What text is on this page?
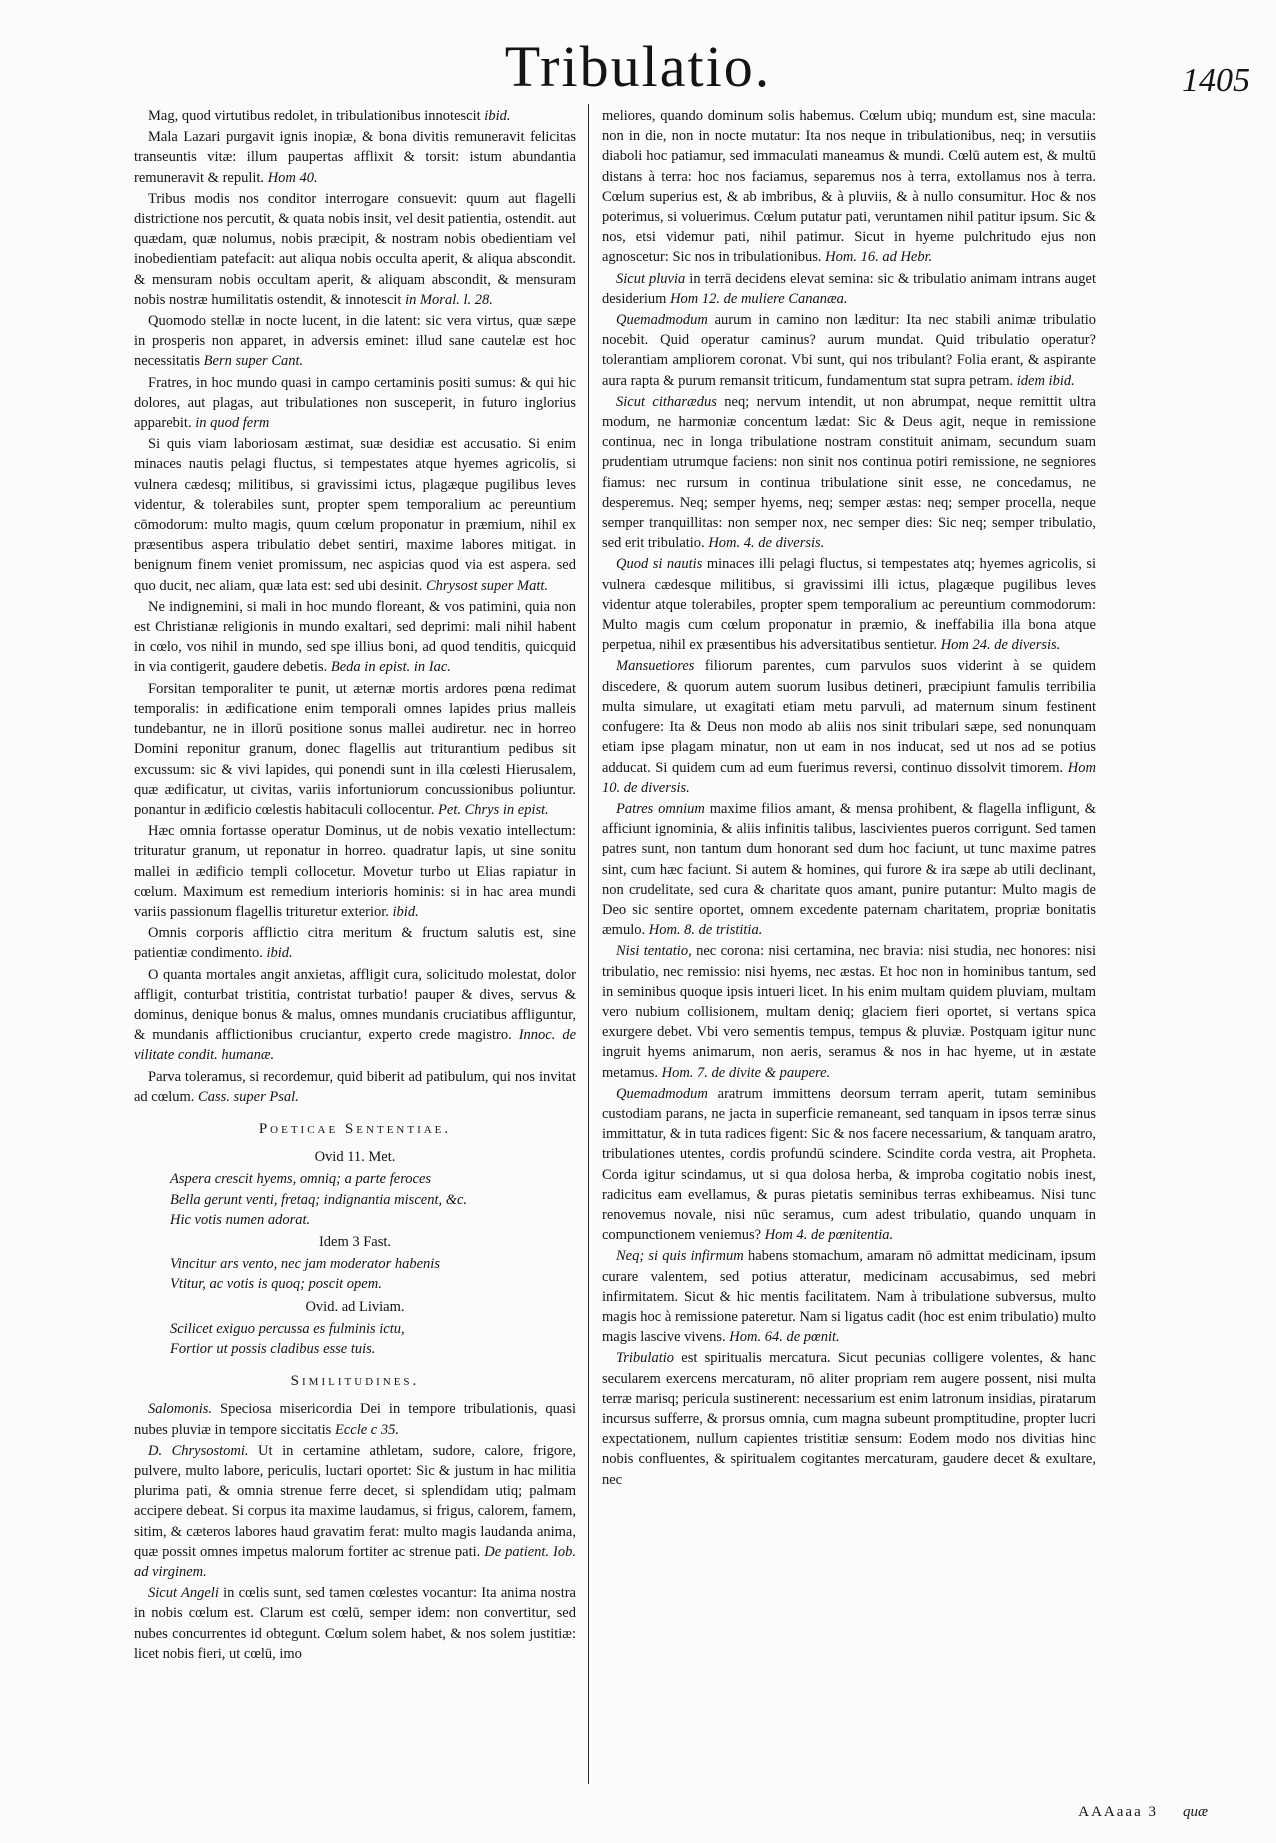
Tribulatio.	1405

Mag, quod virtutibus redolet, in tribulationibus innotescit ibid.

Mala Lazari purgavit ignis inopiæ, & bona divitis remuneravit felicitas transeuntis vitæ: illum paupertas afflixit & torsit: istum abundantia remuneravit & repulit. Hom 40.

Tribus modis nos conditor interrogare consuevit: quum aut flagelli districtione nos percutit, & quata nobis insit, vel desit patientia, ostendit. aut quædam, quæ nolumus, nobis præcipit, & nostram nobis obedientiam vel inobedientiam patefacit: aut aliqua nobis occulta aperit, & aliqua abscondit. & mensuram nobis occultam aperit, & aliquam abscondit, & mensuram nobis nostræ humilitatis ostendit, & innotescit in Moral. l. 28.

Quomodo stellæ in nocte lucent, in die latent: sic vera virtus, quæ sæpe in prosperis non apparet, in adversis eminet: illud sane cautelæ est hoc necessitatis Bern super Cant.

Fratres, in hoc mundo quasi in campo certaminis positi sumus: & qui hic dolores, aut plagas, aut tribulationes non susceperit, in futuro inglorius apparebit. in quod ferm

Si quis viam laboriosam æstimat, suæ desidiæ est accusatio. Si enim minaces nautis pelagi fluctus, si tempestates atque hyemes agricolis, si vulnera cædesq; militibus, si gravissimi ictus, plagæque pugilibus leves videntur, & tolerabiles sunt, propter spem temporalium ac pereuntium cōmodorum: multo magis, quum cœlum proponatur in præmium, nihil ex præsentibus aspera tribulatio debet sentiri, maxime labores mitigat. in benignum finem veniet promissum, nec aspicias quod via est aspera. sed quo ducit, nec aliam, quæ lata est: sed ubi desinit. Chrysost super Matt.

Ne indignemini, si mali in hoc mundo floreant, & vos patimini, quia non est Christianæ religionis in mundo exaltari, sed deprimi: mali nihil habent in cœlo, vos nihil in mundo, sed spe illius boni, ad quod tenditis, quicquid in via contigerit, gaudere debetis. Beda in epist. in Iac.

Forsitan temporaliter te punit, ut æternæ mortis ardores pœna redimat temporalis: in ædificatione enim temporali omnes lapides prius malleis tundebantur, ne in illorū positione sonus mallei audiretur. nec in horreo Domini reponitur granum, donec flagellis aut triturantium pedibus sit excussum: sic & vivi lapides, qui ponendi sunt in illa cœlesti Hierusalem, quæ ædificatur, ut civitas, variis infortuniorum concussionibus poliuntur. ponantur in ædificio cœlestis habitaculi collocentur. Pet. Chrys in epist.

Hæc omnia fortasse operatur Dominus, ut de nobis vexatio intellectum: trituratur granum, ut reponatur in horreo. quadratur lapis, ut sine sonitu mallei in ædificio templi collocetur. Movetur turbo ut Elias rapiatur in cœlum. Maximum est remedium interioris hominis: si in hac area mundi variis passionum flagellis trituretur exterior. ibid.

Omnis corporis afflictio citra meritum & fructum salutis est, sine patientiæ condimento. ibid.

O quanta mortales angit anxietas, affligit cura, solicitudo molestat, dolor affligit, conturbat tristitia, contristat turbatio! pauper & dives, servus & dominus, denique bonus & malus, omnes mundanis cruciatibus affliguntur, & mundanis afflictionibus cruciantur, experto crede magistro. Innoc. de vilitate condit. humanæ.

Parva toleramus, si recordemur, quid biberit ad patibulum, qui nos invitat ad cœlum. Cass. super Psal.

Poeticae Sententiae.
Ovid 11. Met.
Aspera crescit hyems, omniq; a parte feroces
Bella gerunt venti, fretaq; indignantia miscent, &c.
Hic votis numen adorat.
Idem 3 Fast.
Vincitur ars vento, nec jam moderator habenis
Vtitur, ac votis is quoq; poscit opem.
Ovid. ad Liviam.
Scilicet exiguo percussa es fulminis ictu,
Fortior ut possis cladibus esse tuis.
Similitudines.

Salomonis. Speciosa misericordia Dei in tempore tribulationis, quasi nubes pluviæ in tempore siccitatis Eccle c 35.

D. Chrysostomi. Ut in certamine athletam, sudore, calore, frigore, pulvere, multo labore, periculis, luctari oportet: Sic & justum in hac militia plurima pati, & omnia strenue ferre decet, si splendidam utiq; palmam accipere debeat. Si corpus ita maxime laudamus, si frigus, calorem, famem, sitim, & cæteros labores haud gravatim ferat: multo magis laudanda anima, quæ possit omnes impetus malorum fortiter ac strenue pati. De patient. Iob. ad virginem.

Sicut Angeli in cœlis sunt, sed tamen cœlestes vocantur: Ita anima nostra in nobis cœlum est. Clarum est cœlū, semper idem: non convertitur, sed nubes concurrentes id obtegunt. Cœlum solem habet, & nos solem justitiæ: licet nobis fieri, ut cœlū, imo

meliores, quando dominum solis habemus. Cœlum ubiq; mundum est, sine macula: non in die, non in nocte mutatur: Ita nos neque in tribulationibus, neq; in versutiis diaboli hoc patiamur, sed immaculati maneamus & mundi. Cœlū autem est, & multū distans à terra: hoc nos faciamus, separemus nos à terra, extollamus nos à terra. Cœlum superius est, & ab imbribus, & à pluviis, & à nullo consumitur. Hoc & nos poterimus, si voluerimus. Cœlum putatur pati, veruntamen nihil patitur ipsum. Sic & nos, etsi videmur pati, nihil patimur. Sicut in hyeme pulchritudo ejus non agnoscetur: Sic nos in tribulationibus. Hom. 16. ad Hebr.

Sicut pluvia in terrā decidens elevat semina: sic & tribulatio animam intrans auget desiderium Hom 12. de muliere Cananæa.

Quemadmodum aurum in camino non læditur: Ita nec stabili animæ tribulatio nocebit. Quid operatur caminus? aurum mundat. Quid tribulatio operatur? tolerantiam ampliorem coronat. Vbi sunt, qui nos tribulant? Folia erant, & aspirante aura rapta & purum remansit triticum, fundamentum stat supra petram. idem ibid.

Sicut citharædus neq; nervum intendit, ut non abrumpat, neque remittit ultra modum, ne harmoniæ concentum lædat: Sic & Deus agit, neque in remissione continua, nec in longa tribulatione nostram constituit animam, secundum suam prudentiam utrumque faciens: non sinit nos continua potiri remissione, ne segniores fiamus: nec rursum in continua tribulatione sinit esse, ne concedamus, ne desperemus. Neq; semper hyems, neq; semper æstas: neq; semper procella, neque semper tranquillitas: non semper nox, nec semper dies: Sic neq; semper tribulatio, sed erit tribulatio. Hom. 4. de diversis.

Quod si nautis minaces illi pelagi fluctus, si tempestates atq; hyemes agricolis, si vulnera cædesque militibus, si gravissimi illi ictus, plagæque pugilibus leves videntur atque tolerabiles, propter spem temporalium ac pereuntium commodorum: Multo magis cum cœlum proponatur in præmio, & ineffabilia illa bona atque perpetua, nihil ex præsentibus his adversitatibus sentietur. Hom 24. de diversis.

Mansuetiores filiorum parentes, cum parvulos suos viderint à se quidem discedere, & quorum autem suorum lusibus detineri, præcipiunt famulis terribilia multa simulare, ut exagitati etiam metu parvuli, ad maternum sinum festinent confugere: Ita & Deus non modo ab aliis nos sinit tribulari sæpe, sed nonunquam etiam ipse plagam minatur, non ut eam in nos inducat, sed ut nos ad se potius adducat. Si quidem cum ad eum fuerimus reversi, continuo dissolvit timorem. Hom 10. de diversis.

Patres omnium maxime filios amant, & mensa prohibent, & flagella infligunt, & afficiunt ignominia, & aliis infinitis talibus, lascivientes pueros corrigunt. Sed tamen patres sunt, non tantum dum honorant sed dum hoc faciunt, ut tunc maxime patres sint, cum hæc faciunt. Si autem & homines, qui furore & ira sæpe ab utili declinant, non crudelitate, sed cura & charitate quos amant, punire putantur: Multo magis de Deo sic sentire oportet, omnem excedente paternam charitatem, propriæ bonitatis æmulo. Hom. 8. de tristitia.

Nisi tentatio, nec corona: nisi certamina, nec bravia: nisi studia, nec honores: nisi tribulatio, nec remissio: nisi hyems, nec æstas. Et hoc non in hominibus tantum, sed in seminibus quoque ipsis intueri licet. In his enim multam quidem pluviam, multam vero nubium collisionem, multam deniq; glaciem fieri oportet, si vertans spica exurgere debet. Vbi vero sementis tempus, tempus & pluviæ. Postquam igitur nunc ingruit hyems animarum, non aeris, seramus & nos in hac hyeme, ut in æstate metamus. Hom. 7. de divite & paupere.

Quemadmodum aratrum immittens deorsum terram aperit, tutam seminibus custodiam parans, ne jacta in superficie remaneant, sed tanquam in ipsos terræ sinus immittatur, & in tuta radices figent: Sic & nos facere necessarium, & tanquam aratro, tribulationes utentes, cordis profundū scindere. Scindite corda vestra, ait Propheta. Corda igitur scindamus, ut si qua dolosa herba, & improba cogitatio nobis inest, radicitus eam evellamus, & puras pietatis seminibus terras exhibeamus. Nisi tunc renovemus novale, nisi nūc seramus, cum adest tribulatio, quando unquam in compunctionem veniemus? Hom 4. de pœnitentia.

Neq; si quis infirmum habens stomachum, amaram nō admittat medicinam, ipsum curare valentem, sed potius atteratur, medicinam accusabimus, sed mebri infirmitatem. Sicut & hic mentis facilitatem. Nam à tribulatione subversus, multo magis hoc à remissione pateretur. Nam si ligatus cadit (hoc est enim tribulatio) multo magis lascive vivens. Hom. 64. de pœnit.

Tribulatio est spiritualis mercatura. Sicut pecunias colligere volentes, & hanc secularem exercens mercaturam, nō aliter propriam rem augere possent, nisi multa terræ marisq; pericula sustinerent: necessarium est enim latronum insidias, piratarum incursus sufferre, & prorsus omnia, cum magna subeunt promptitudine, propter lucri expectationem, nullum capientes tristitiæ sensum: Eodem modo nos divitias hinc nobis confluentes, & spiritualem cogitantes mercaturam, gaudere decet & exultare, nec

AAAaaa 3 quæ
